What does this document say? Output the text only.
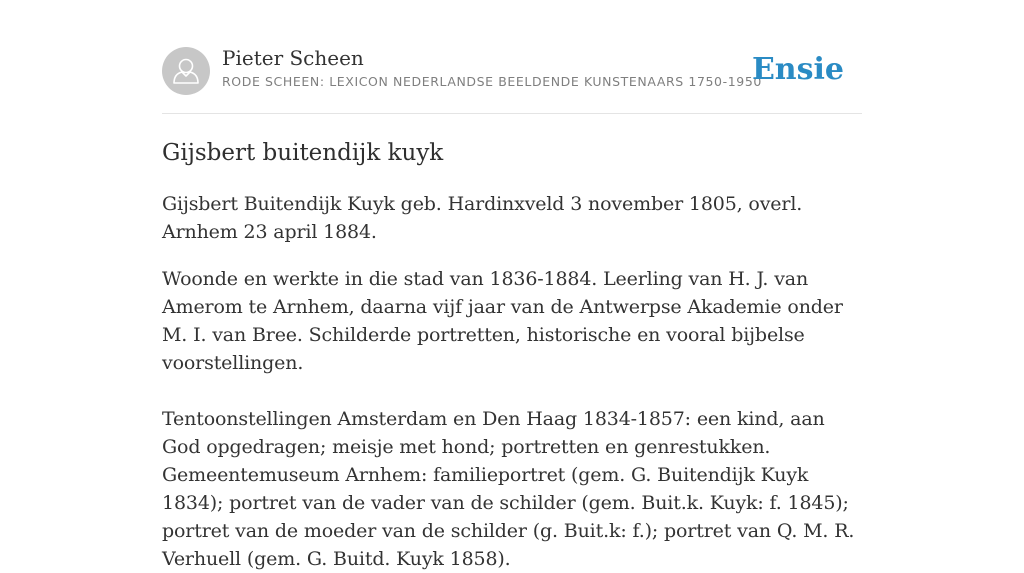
Pieter Scheen
RODE SCHEEN: LEXICON NEDERLANDSE BEELDENDE KUNSTENAARS 1750-1950
Ensie
Gijsbert buitendijk kuyk

Gijsbert Buitendijk Kuyk geb. Hardinxveld 3 november 1805, overl. Arnhem 23 april 1884.

Woonde en werkte in die stad van 1836-1884. Leerling van H. J. van Amerom te Arnhem, daarna vijf jaar van de Antwerpse Akademie onder M. I. van Bree. Schilderde portretten, historische en vooral bijbelse voorstellingen.

Tentoonstellingen Amsterdam en Den Haag 1834-1857: een kind, aan God opgedragen; meisje met hond; portretten en genrestukken. Gemeentemuseum Arnhem: familieportret (gem. G. Buitendijk Kuyk 1834); portret van de vader van de schilder (gem. Buit.k. Kuyk: f. 1845); portret van de moeder van de schilder (g. Buit.k: f.); portret van Q. M. R. Verhuell (gem. G. Buitd. Kuyk 1858).
